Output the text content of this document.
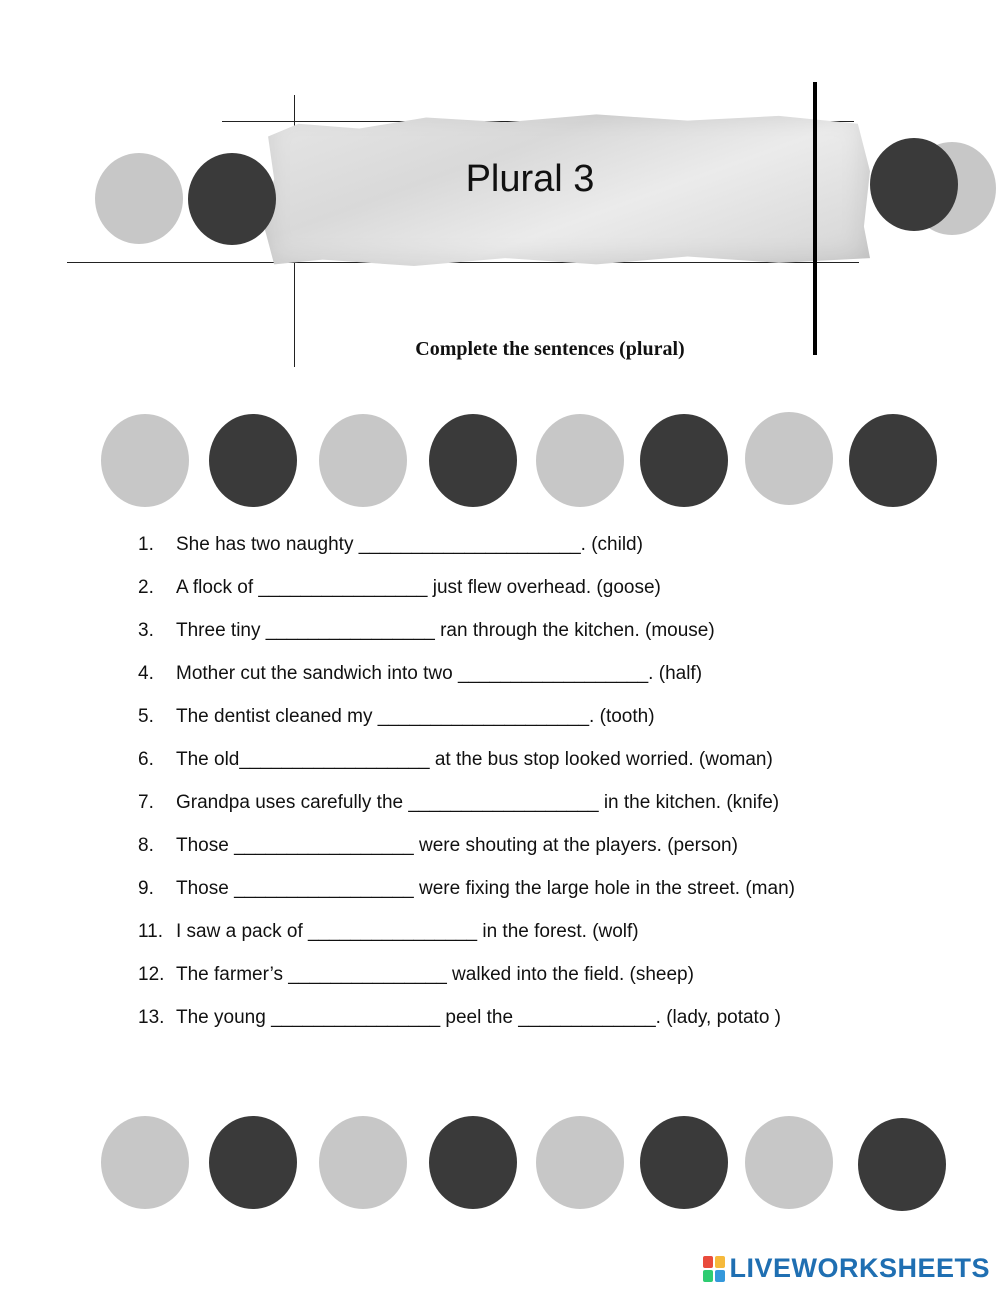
Plural 3
Complete the sentences (plural)
1. She has two naughty _____________________. (child)
2. A flock of ________________ just flew overhead. (goose)
3. Three tiny ________________ ran through the kitchen. (mouse)
4. Mother cut the sandwich into two __________________. (half)
5. The dentist cleaned my ____________________. (tooth)
6. The old__________________ at the bus stop looked worried. (woman)
7. Grandpa uses carefully the __________________ in the kitchen. (knife)
8. Those _________________ were shouting at the players. (person)
9. Those _________________ were fixing the large hole in the street. (man)
11. I saw a pack of ________________ in the forest. (wolf)
12. The farmer’s _______________ walked into the field. (sheep)
13. The young ________________ peel the _____________. (lady, potato )
LIVEWORKSHEETS
